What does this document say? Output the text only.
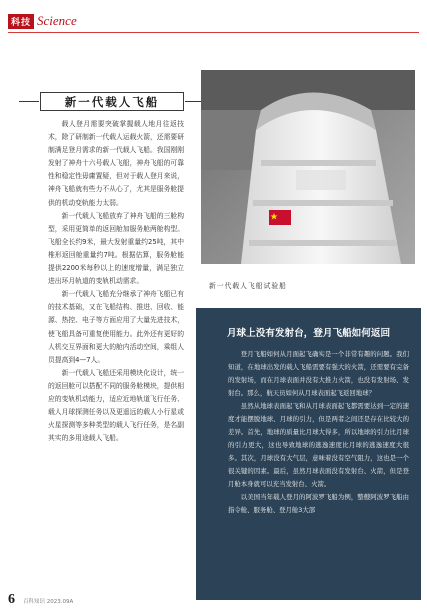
科技 Science
新一代载人飞船

载人登月需要突破掌握载人地月往返技术，除了研制新一代载人运载火箭，还需要研制满足登月需求的新一代载人飞船。我国刚刚发射了神舟十六号载人飞船，神舟飞船的可靠性和稳定性毋庸置疑，但对于载人登月来说，神舟飞船就有些力不从心了，尤其是服务舱提供的机动变轨能力太弱。

新一代载人飞船放弃了神舟飞船的三舱构型，采用更简单的返回舱加服务舱两舱构型。飞船全长约9米，最大发射重量约25吨，其中椎形返回舱重量约7吨。根据估算，服务舱能提供2200米每秒以上的速度增量，满足独立进出环月轨道的变轨机动需求。

新一代载人飞船充分继承了神舟飞船已有的技术基础，又在飞船结构、推进、回收、能源、热控、电子等方面应用了大量先进技术，使飞船具备可重复使用能力。此外还有更好的人机交互界面和更大的舱内活动空间，乘组人员提高到4—7人。

新一代载人飞船还采用模块化设计，统一的返回舱可以搭配不同的服务舱模块，提供相应的变轨机动能力，适应近地轨道飞行任务、载人月球探测任务以及更遥远的载人小行星或火星探测等多种类型的载人飞行任务，是名副其实的多用途载人飞船。

新一代载人飞船试验船
月球上没有发射台，登月飞船如何返回

登月飞船如何从月面起飞确实是一个非常有趣的问题。我们知道，在地球出发的载人飞船需要有强大的火箭，还需要有完备的发射场，而在月球表面并没有大推力火箭，也没有发射场、发射台。那么，航天员如何从月球表面起飞返回地球？

虽然从地球表面起飞和从月球表面起飞都需要达到一定的速度才能摆脱地球、月球的引力，但是两者之间还是存在比较大的差异。首先，地球的质量比月球大得多，所以地球的引力比月球的引力更大，这也导致地球的逃逸速度比月球的逃逸速度大很多。其次，月球没有大气层，意味着没有空气阻力，这也是一个很关键的因素。最后，虽然月球表面没有发射台、火箭，但是登月舱本身就可以充当发射台、火箭。

以美国当年载人登月的阿波罗飞船为例，整艘阿波罗飞船由指令舱、服务舱、登月舱3大部

6 百科知识 2023.09A
